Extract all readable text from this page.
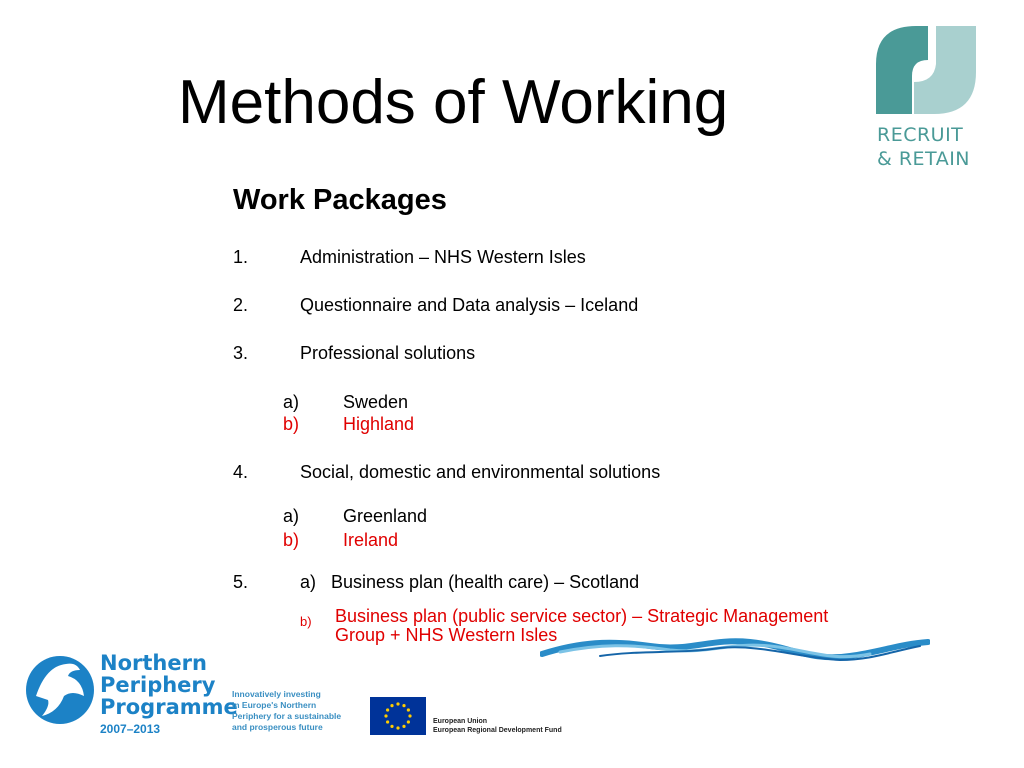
Methods of Working	RECRUIT
& RETAIN
Work Packages
1.	Administration – NHS Western Isles
2.	Questionnaire and Data analysis – Iceland
3.	Professional solutions
a) Sweden
b) Highland
4.	Social, domestic and environmental solutions
a) Greenland
b) Ireland
5.	a)   Business plan (health care) – Scotland
b) Business plan (public service sector) – Strategic Management
Group + NHS Western Isles
Northern
Periphery
Programme
2007–2013
Innovatively investing
in Europe's Northern
Periphery for a sustainable
and prosperous future
European Union
European Regional Development Fund
